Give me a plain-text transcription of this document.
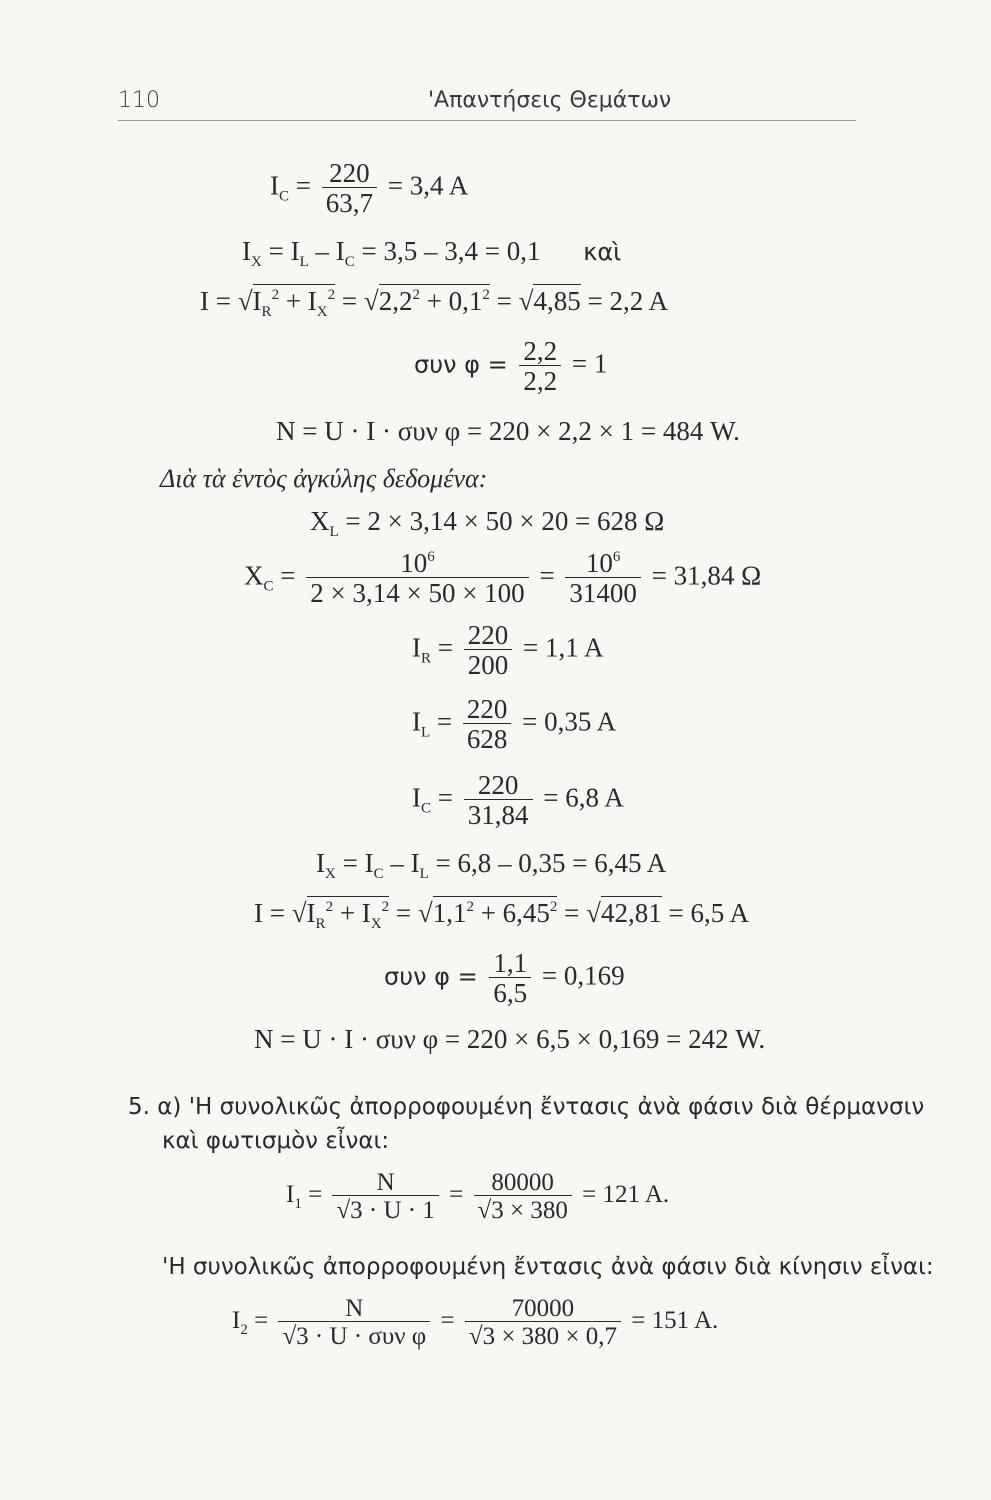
110	'Απαντήσεις Θεμάτων
$I_C = \frac{220}{63,7} = 3,4$ A
$I_X = I_L - I_C = 3,5 - 3,4 = 0,1$ καὶ
$I = √I_R^2 + I_X^2 = √2,2^2 + 0,1^2 = √4,85 = 2,2$ A
συν $\varphi = \frac{2,2}{2,2} = 1$
N = U · I · συν φ = 220 × 2,2 × 1 = 484 W.
Διὰ τὰ ἐντὸς ἀγκύλης δεδομένα:
$X_L = 2 \times 3,14 \times 50 \times 20 = 628$ Ω
$X_C = \frac{10^6}{2 \times 3,14 \times 50 \times 100} = \frac{10^6}{31400} = 31,84$ Ω
$I_R = \frac{220}{200} = 1,1$ A
$I_L = \frac{220}{628} = 0,35$ A
$I_C = \frac{220}{31,84} = 6,8$ A
$I_X = I_C - I_L = 6,8 - 0,35 = 6,45$ A
$I = √I_R^2 + I_X^2 = √1,1^2 + 6,45^2 = √42,81 = 6,5$ A
συν $\varphi = \frac{1,1}{6,5} = 0,169$
N = U · I · συν φ = 220 × 6,5 × 0,169 = 242 W.
5. α) 'Η συνολικῶς ἀπορροφουμένη ἔντασις ἀνὰ φάσιν διὰ θέρμανσιν
καὶ φωτισμὸν εἶναι:
$I_1 = \frac{N}{√3 \cdot U \cdot 1} = \frac{80000}{√3 \times 380} = 121$ A.
'Η συνολικῶς ἀπορροφουμένη ἔντασις ἀνὰ φάσιν διὰ κίνησιν εἶναι:
$I_2 = \frac{N}{\text{√3 · U · συν φ}} = \frac{70000}{√3 \times 380 \times 0,7} = 151$ A.
